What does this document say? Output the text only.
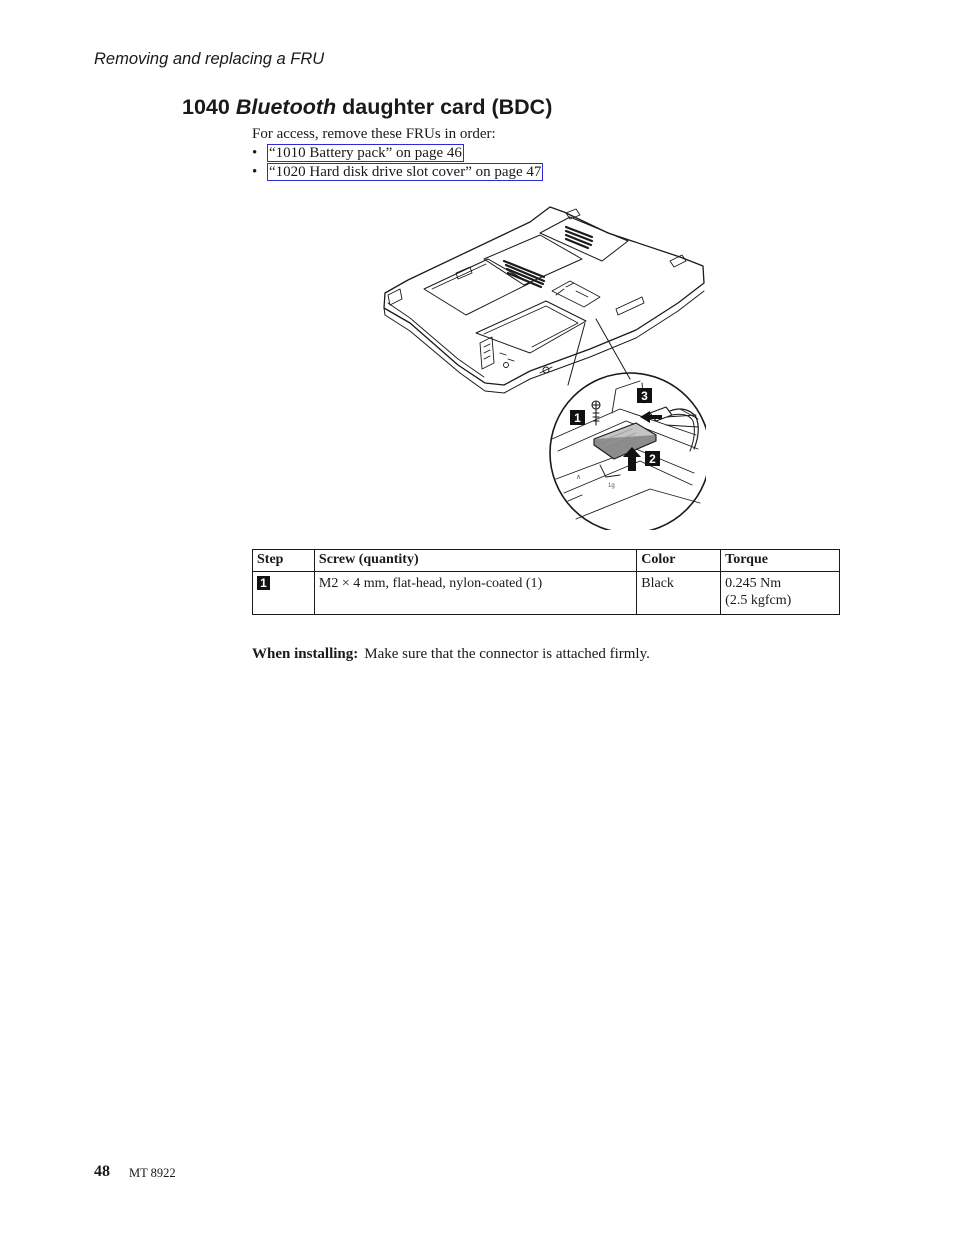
Removing and replacing a FRU
1040 Bluetooth daughter card (BDC)
For access, remove these FRUs in order:
• “1010 Battery pack” on page 46
• “1020 Hard disk drive slot cover” on page 47
∧
1g
1
2
3
Step	Screw (quantity)	Color	Torque
1	M2 × 4 mm, flat-head, nylon-coated (1)	Black	0.245 Nm
(2.5 kgfcm)
When installing: Make sure that the connector is attached firmly.
48 MT 8922
